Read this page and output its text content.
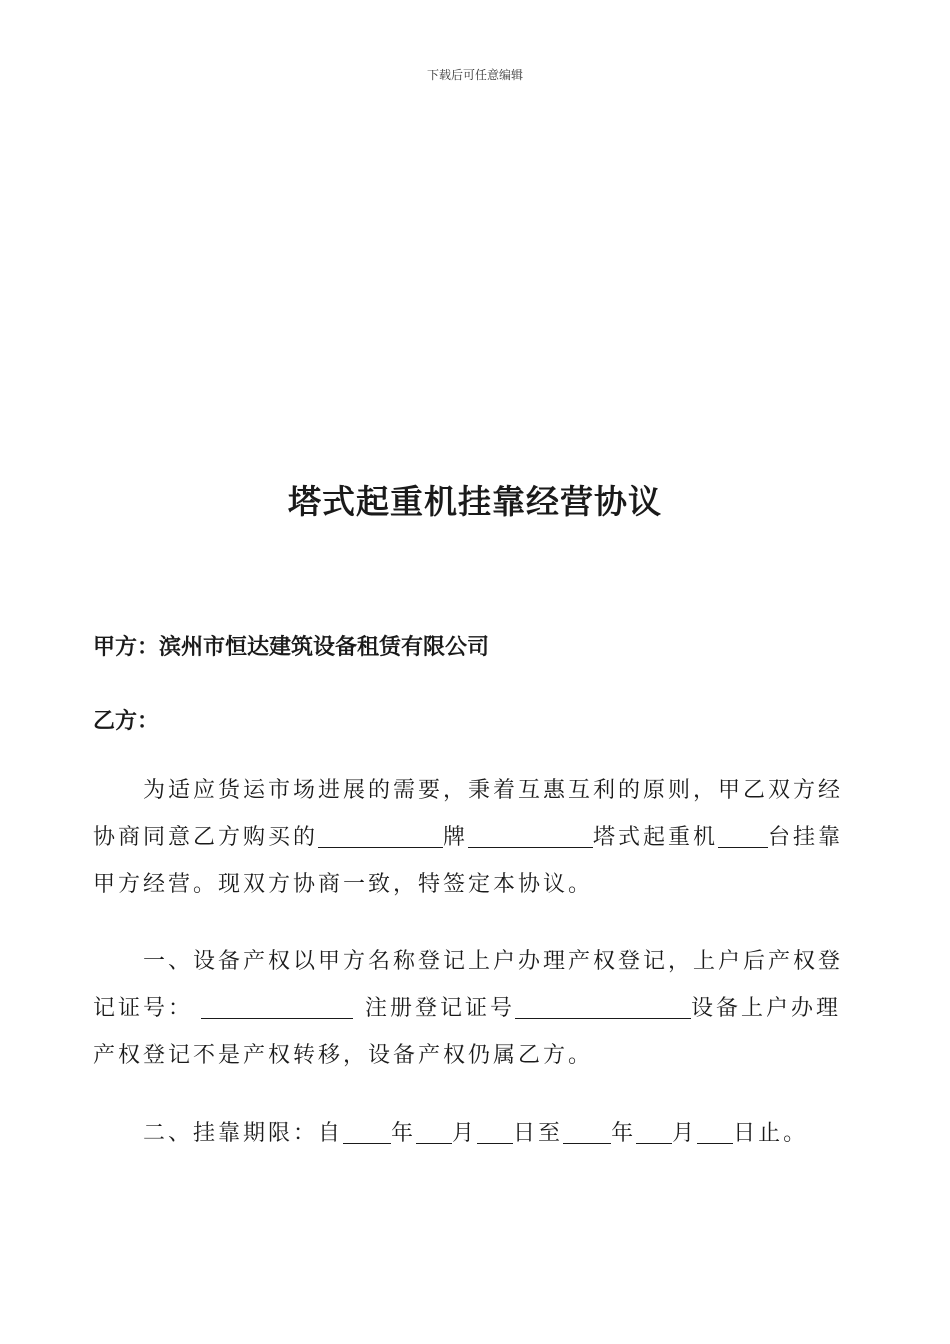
下载后可任意编辑
塔式起重机挂靠经营协议
甲方：滨州市恒达建筑设备租赁有限公司
乙方：
为适应货运市场进展的需要，秉着互惠互利的原则，甲乙双方经协商同意乙方购买的	牌	塔式起重机 台挂靠甲方经营。现双方协商一致，特签定本协议。
一、设备产权以甲方名称登记上户办理产权登记，上户后产权登记证号：	注册登记证号	设备上户办理产权登记不是产权转移，设备产权仍属乙方。
二、挂靠期限：自 年 月 日至 年 月 日止。
